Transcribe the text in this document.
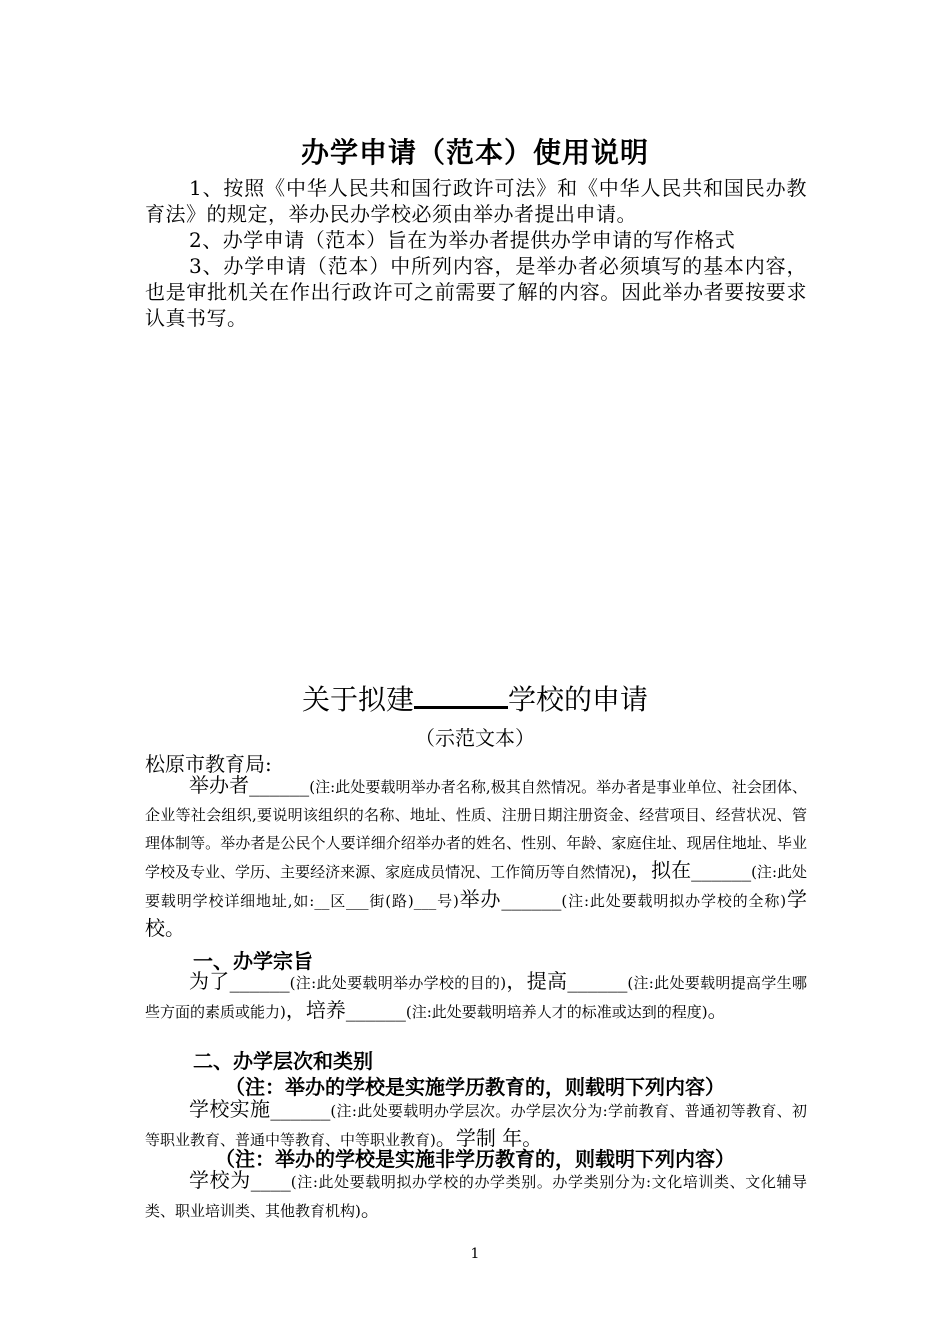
办学申请（范本）使用说明
1、按照《中华人民共和国行政许可法》和《中华人民共和国民办教育法》的规定，举办民办学校必须由举办者提出申请。
2、办学申请（范本）旨在为举办者提供办学申请的写作格式
3、办学申请（范本）中所列内容，是举办者必须填写的基本内容，也是审批机关在作出行政许可之前需要了解的内容。因此举办者要按要求认真书写。
关于拟建	学校的申请
（示范文本）
松原市教育局:
举办者______(注:此处要载明举办者名称,极其自然情况。举办者是事业单位、社会团体、企业等社会组织,要说明该组织的名称、地址、性质、注册日期注册资金、经营项目、经营状况、管理体制等。举办者是公民个人要详细介绍举办者的姓名、性别、年龄、家庭住址、现居住地址、毕业学校及专业、学历、主要经济来源、家庭成员情况、工作简历等自然情况)，拟在______(注:此处要载明学校详细地址,如:__区___街(路)___号)举办______(注:此处要载明拟办学校的全称)学校。
一、办学宗旨
为了______(注:此处要载明举办学校的目的)，提高______(注:此处要载明提高学生哪些方面的素质或能力)，培养______(注:此处要载明培养人才的标准或达到的程度)。
二、办学层次和类别
（注：举办的学校是实施学历教育的，则载明下列内容）
学校实施______(注:此处要载明办学层次。办学层次分为:学前教育、普通初等教育、初等职业教育、普通中等教育、中等职业教育)。学制 年。
（注：举办的学校是实施非学历教育的，则载明下列内容）
学校为____(注:此处要载明拟办学校的办学类别。办学类别分为:文化培训类、文化辅导类、职业培训类、其他教育机构)。
1
